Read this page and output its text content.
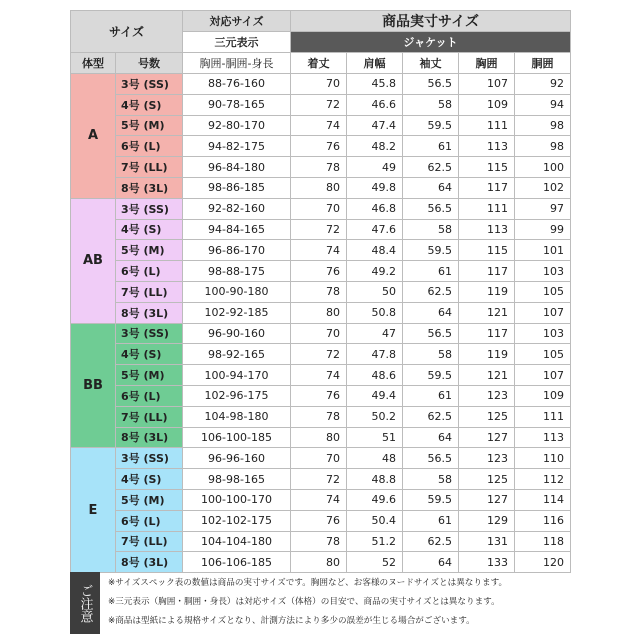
サイズ		対応サイズ	商品実寸サイズ				
		三元表示	ジャケット				
体型	号数	胸囲-胴囲-身長	着丈	肩幅	袖丈	胸囲	胴囲
A	3号 (SS)	88-76-160	70	45.8	56.5	107	92
	4号 (S)	90-78-165	72	46.6	58	109	94
	5号 (M)	92-80-170	74	47.4	59.5	111	98
	6号 (L)	94-82-175	76	48.2	61	113	98
	7号 (LL)	96-84-180	78	49	62.5	115	100
	8号 (3L)	98-86-185	80	49.8	64	117	102
AB	3号 (SS)	92-82-160	70	46.8	56.5	111	97
	4号 (S)	94-84-165	72	47.6	58	113	99
	5号 (M)	96-86-170	74	48.4	59.5	115	101
	6号 (L)	98-88-175	76	49.2	61	117	103
	7号 (LL)	100-90-180	78	50	62.5	119	105
	8号 (3L)	102-92-185	80	50.8	64	121	107
BB	3号 (SS)	96-90-160	70	47	56.5	117	103
	4号 (S)	98-92-165	72	47.8	58	119	105
	5号 (M)	100-94-170	74	48.6	59.5	121	107
	6号 (L)	102-96-175	76	49.4	61	123	109
	7号 (LL)	104-98-180	78	50.2	62.5	125	111
	8号 (3L)	106-100-185	80	51	64	127	113
E	3号 (SS)	96-96-160	70	48	56.5	123	110
	4号 (S)	98-98-165	72	48.8	58	125	112
	5号 (M)	100-100-170	74	49.6	59.5	127	114
	6号 (L)	102-102-175	76	50.4	61	129	116
	7号 (LL)	104-104-180	78	51.2	62.5	131	118
	8号 (3L)	106-106-185	80	52	64	133	120
ご注意
※サイズスペック表の数値は商品の実寸サイズです。胸囲など、お客様のヌードサイズとは異なります。
※三元表示（胸囲・胴囲・身長）は対応サイズ（体格）の目安で、商品の実寸サイズとは異なります。
※商品は型紙による規格サイズとなり、計測方法により多少の誤差が生じる場合がございます。
